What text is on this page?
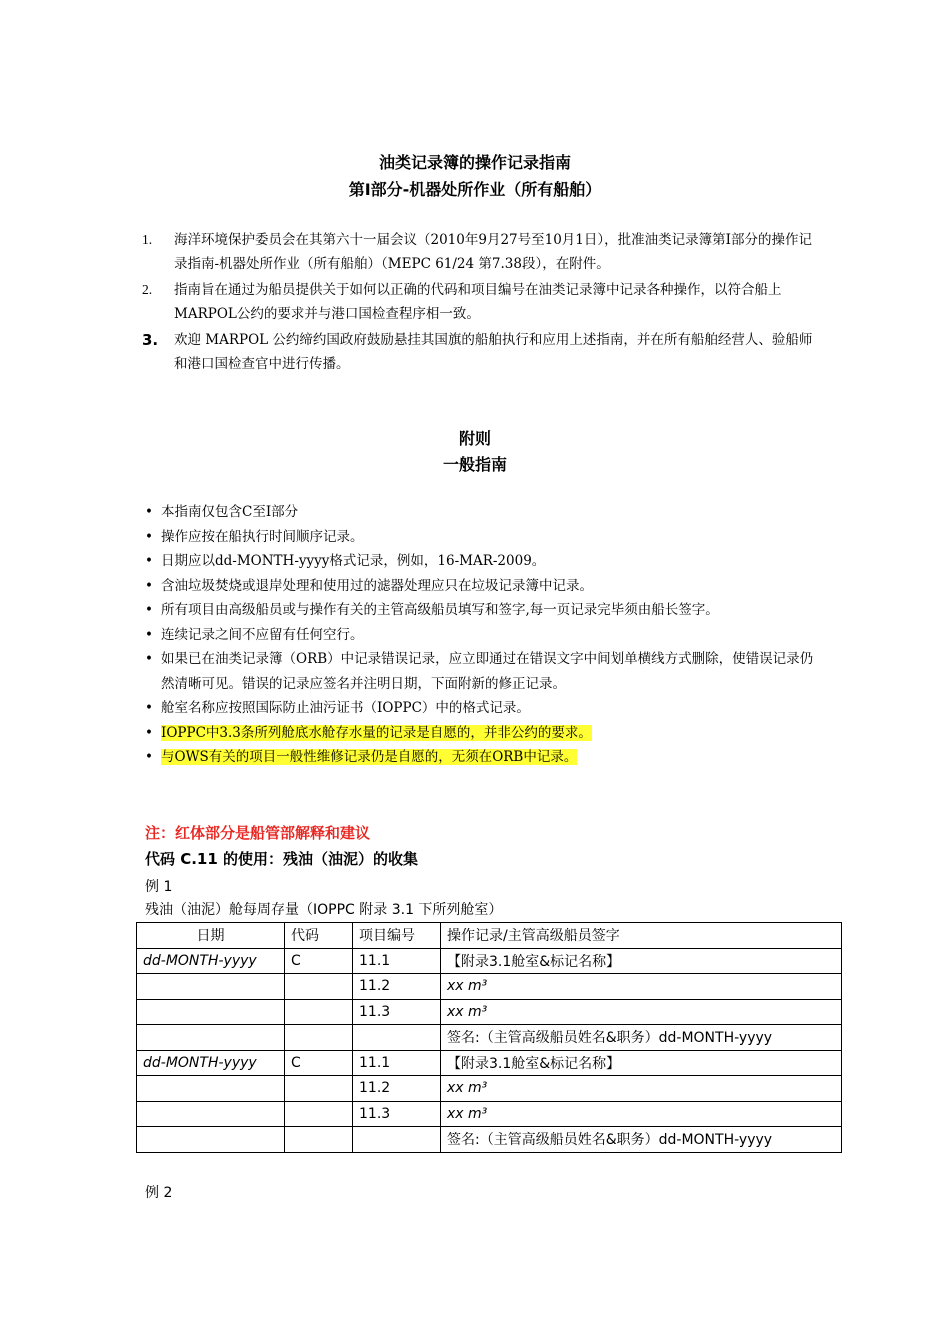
油类记录簿的操作记录指南
第Ⅰ部分-机器处所作业（所有船舶）
1. 海洋环境保护委员会在其第六十一届会议（2010年9月27号至10月1日），批准油类记录簿第Ⅰ部分的操作记录指南-机器处所作业（所有船舶）（MEPC 61/24 第7.38段），在附件。
2. 指南旨在通过为船员提供关于如何以正确的代码和项目编号在油类记录簿中记录各种操作，以符合船上MARPOL公约的要求并与港口国检查程序相一致。
3. 欢迎 MARPOL 公约缔约国政府鼓励悬挂其国旗的船舶执行和应用上述指南，并在所有船舶经营人、验船师和港口国检查官中进行传播。
附则
一般指南
• 本指南仅包含C至I部分
• 操作应按在船执行时间顺序记录。
• 日期应以dd-MONTH-yyyy格式记录，例如，16-MAR-2009。
• 含油垃圾焚烧或退岸处理和使用过的滤器处理应只在垃圾记录簿中记录。
• 所有项目由高级船员或与操作有关的主管高级船员填写和签字,每一页记录完毕须由船长签字。
• 连续记录之间不应留有任何空行。
• 如果已在油类记录簿（ORB）中记录错误记录，应立即通过在错误文字中间划单横线方式删除，使错误记录仍然清晰可见。错误的记录应签名并注明日期，下面附新的修正记录。
• 舱室名称应按照国际防止油污证书（IOPPC）中的格式记录。
• IOPPC中3.3条所列舱底水舱存水量的记录是自愿的，并非公约的要求。
• 与OWS有关的项目一般性维修记录仍是自愿的，无须在ORB中记录。
注：红体部分是船管部解释和建议
代码 C.11 的使用：残油（油泥）的收集
例 1
残油（油泥）舱每周存量（IOPPC 附录 3.1 下所列舱室）
日期	代码	项目编号	操作记录/主管高级船员签字
dd-MONTH-yyyy	C	11.1	【附录3.1舱室&标记名称】
		11.2	xx m³
		11.3	xx m³
			签名:（主管高级船员姓名&职务）dd-MONTH-yyyy
dd-MONTH-yyyy	C	11.1	【附录3.1舱室&标记名称】
		11.2	xx m³
		11.3	xx m³
			签名:（主管高级船员姓名&职务）dd-MONTH-yyyy
例 2
